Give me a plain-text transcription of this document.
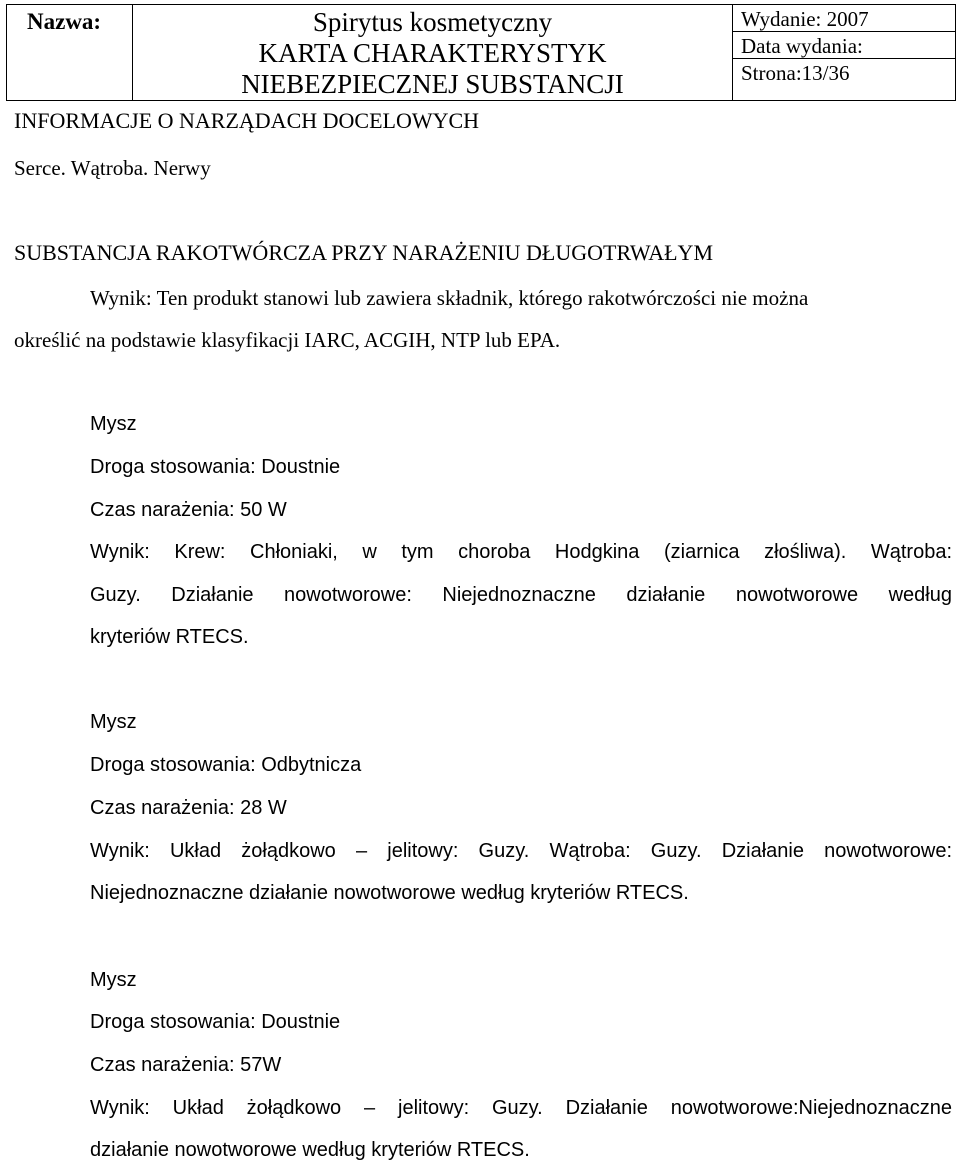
Nazwa:	Spirytus kosmetyczny
KARTA CHARAKTERYSTYK
NIEBEZPIECZNEJ SUBSTANCJI
Wydanie: 2007
Data wydania:
Strona:13/36
INFORMACJE O NARZĄDACH DOCELOWYCH
Serce. Wątroba. Nerwy
SUBSTANCJA RAKOTWÓRCZA PRZY NARAŻENIU DŁUGOTRWAŁYM
Wynik: Ten produkt stanowi lub zawiera składnik, którego rakotwórczości nie można
określić na podstawie klasyfikacji IARC, ACGIH, NTP lub EPA.
Mysz
Droga stosowania: Doustnie
Czas narażenia: 50 W
Wynik: Krew: Chłoniaki, w tym choroba Hodgkina (ziarnica złośliwa). Wątroba:
Guzy. Działanie nowotworowe: Niejednoznaczne działanie nowotworowe według
kryteriów RTECS.
Mysz
Droga stosowania: Odbytnicza
Czas narażenia: 28 W
Wynik: Układ żołądkowo – jelitowy: Guzy. Wątroba: Guzy. Działanie nowotworowe:
Niejednoznaczne działanie nowotworowe według kryteriów RTECS.
Mysz
Droga stosowania: Doustnie
Czas narażenia: 57W
Wynik: Układ żołądkowo – jelitowy: Guzy. Działanie nowotworowe:Niejednoznaczne
działanie nowotworowe według kryteriów RTECS.
